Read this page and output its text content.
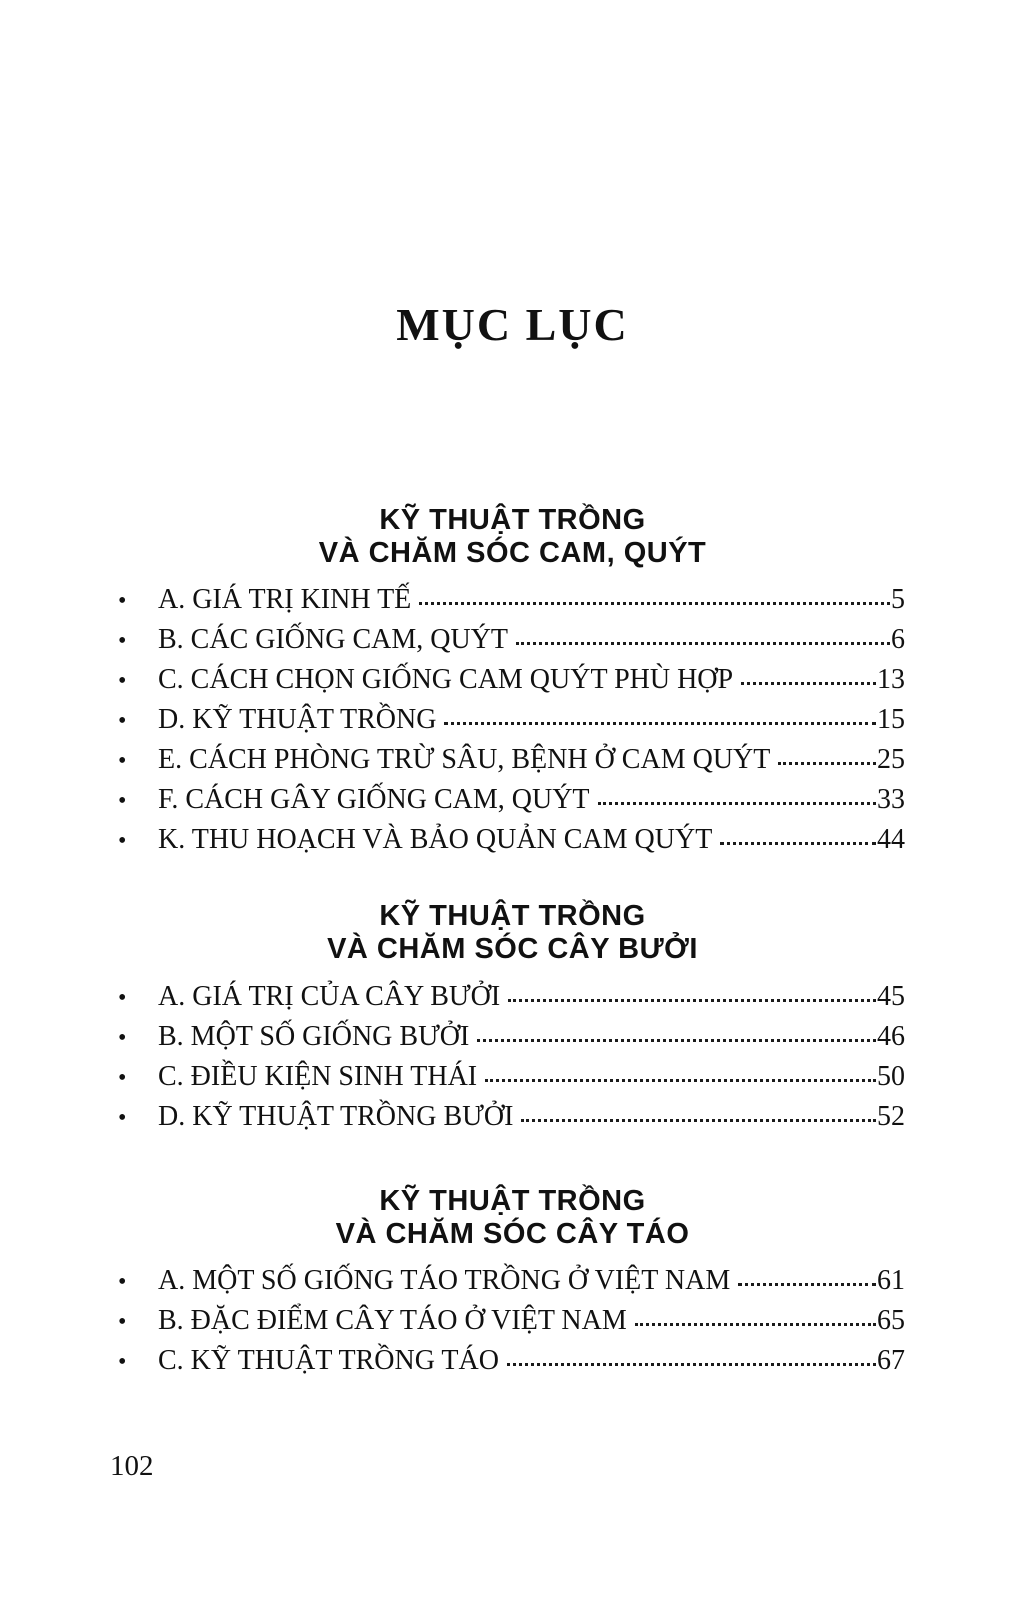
MỤC LỤC
KỸ THUẬT TRỒNG
VÀ CHĂM SÓC CAM, QUÝT
•	A. GIÁ TRỊ KINH TẾ	5
•	B. CÁC GIỐNG CAM, QUÝT	6
•	C. CÁCH CHỌN GIỐNG CAM QUÝT PHÙ HỢP	13
•	D. KỸ THUẬT TRỒNG	15
•	E. CÁCH PHÒNG TRỪ SÂU, BỆNH Ở CAM QUÝT	25
•	F. CÁCH GÂY GIỐNG CAM, QUÝT	33
•	K. THU HOẠCH VÀ BẢO QUẢN CAM QUÝT	44
KỸ THUẬT TRỒNG
VÀ CHĂM SÓC CÂY BƯỞI
•	A. GIÁ TRỊ CỦA CÂY BƯỞI	45
•	B. MỘT SỐ GIỐNG BƯỞI	46
•	C. ĐIỀU KIỆN SINH THÁI	50
•	D. KỸ THUẬT TRỒNG BƯỞI	52
KỸ THUẬT TRỒNG
VÀ CHĂM SÓC CÂY TÁO
•	A. MỘT SỐ GIỐNG TÁO TRỒNG Ở VIỆT NAM	61
•	B. ĐẶC ĐIỂM CÂY TÁO Ở VIỆT NAM	65
•	C. KỸ THUẬT TRỒNG TÁO	67
102
